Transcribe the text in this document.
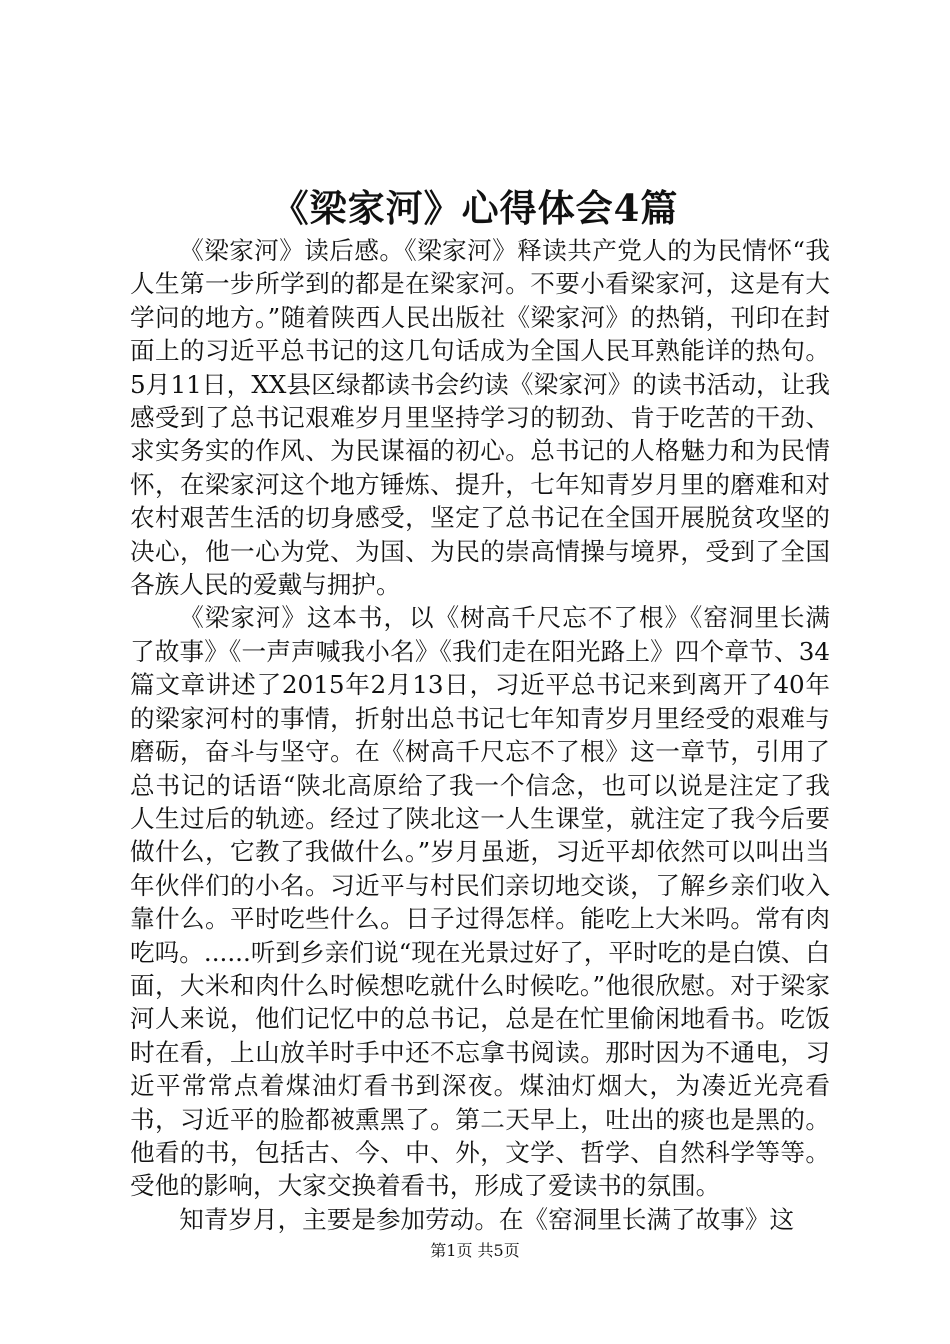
《梁家河》心得体会4篇

《梁家河》读后感。《梁家河》释读共产党人的为民情怀“我人生第一步所学到的都是在梁家河。不要小看梁家河，这是有大学问的地方。”随着陕西人民出版社《梁家河》的热销，刊印在封面上的习近平总书记的这几句话成为全国人民耳熟能详的热句。5月11日，XX县区绿都读书会约读《梁家河》的读书活动，让我感受到了总书记艰难岁月里坚持学习的韧劲、肯于吃苦的干劲、求实务实的作风、为民谋福的初心。总书记的人格魅力和为民情怀，在梁家河这个地方锤炼、提升，七年知青岁月里的磨难和对农村艰苦生活的切身感受，坚定了总书记在全国开展脱贫攻坚的决心，他一心为党、为国、为民的崇高情操与境界，受到了全国各族人民的爱戴与拥护。

《梁家河》这本书，以《树高千尺忘不了根》《窑洞里长满了故事》《一声声喊我小名》《我们走在阳光路上》四个章节、34篇文章讲述了2015年2月13日，习近平总书记来到离开了40年的梁家河村的事情，折射出总书记七年知青岁月里经受的艰难与磨砺，奋斗与坚守。在《树高千尺忘不了根》这一章节，引用了总书记的话语“陕北高原给了我一个信念，也可以说是注定了我人生过后的轨迹。经过了陕北这一人生课堂，就注定了我今后要做什么，它教了我做什么。”岁月虽逝，习近平却依然可以叫出当年伙伴们的小名。习近平与村民们亲切地交谈，了解乡亲们收入靠什么。平时吃些什么。日子过得怎样。能吃上大米吗。常有肉吃吗。......听到乡亲们说“现在光景过好了，平时吃的是白馍、白面，大米和肉什么时候想吃就什么时候吃。”他很欣慰。对于梁家河人来说，他们记忆中的总书记，总是在忙里偷闲地看书。吃饭时在看，上山放羊时手中还不忘拿书阅读。那时因为不通电，习近平常常点着煤油灯看书到深夜。煤油灯烟大，为凑近光亮看书，习近平的脸都被熏黑了。第二天早上，吐出的痰也是黑的。他看的书，包括古、今、中、外，文学、哲学、自然科学等等。受他的影响，大家交换着看书，形成了爱读书的氛围。

知青岁月，主要是参加劳动。在《窑洞里长满了故事》这

第1页 共5页
